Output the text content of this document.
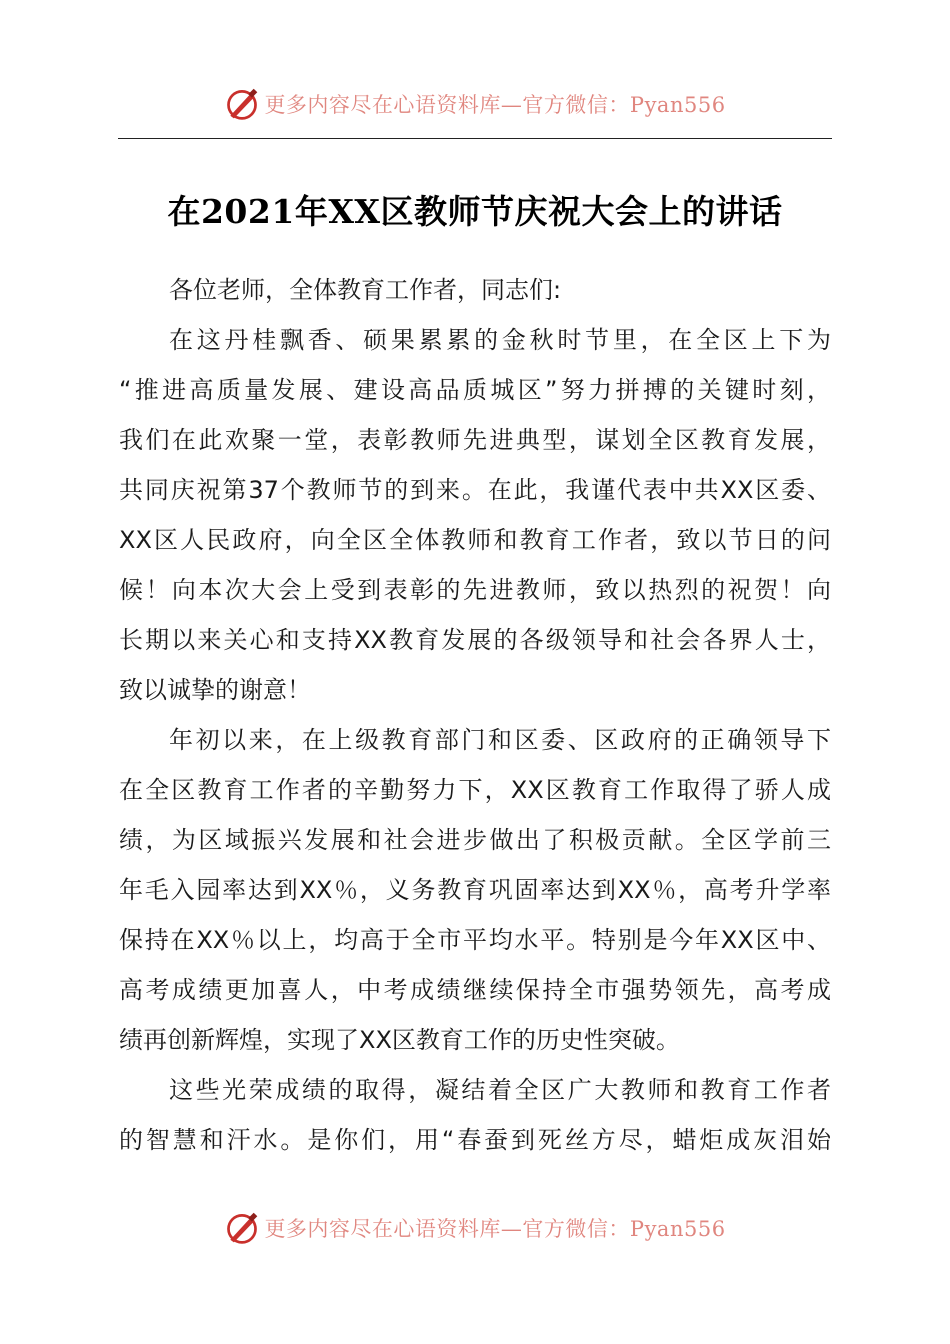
更多内容尽在心语资料库—官方微信：Pyan556
在2021年XX区教师节庆祝大会上的讲话
各位老师，全体教育工作者，同志们:
在这丹桂飘香、硕果累累的金秋时节里，在全区上下为
“推进高质量发展、建设高品质城区”努力拼搏的关键时刻，
我们在此欢聚一堂，表彰教师先进典型，谋划全区教育发展，
共同庆祝第37个教师节的到来。在此，我谨代表中共XX区委、
XX区人民政府，向全区全体教师和教育工作者，致以节日的问
候！向本次大会上受到表彰的先进教师，致以热烈的祝贺！向
长期以来关心和支持XX教育发展的各级领导和社会各界人士，
致以诚挚的谢意！
年初以来，在上级教育部门和区委、区政府的正确领导下
在全区教育工作者的辛勤努力下，XX区教育工作取得了骄人成
绩，为区域振兴发展和社会进步做出了积极贡献。全区学前三
年毛入园率达到XX％，义务教育巩固率达到XX％，高考升学率
保持在XX％以上，均高于全市平均水平。特别是今年XX区中、
高考成绩更加喜人，中考成绩继续保持全市强势领先，高考成
绩再创新辉煌，实现了XX区教育工作的历史性突破。
这些光荣成绩的取得，凝结着全区广大教师和教育工作者
的智慧和汗水。是你们，用“春蚕到死丝方尽，蜡炬成灰泪始
更多内容尽在心语资料库—官方微信：Pyan556
